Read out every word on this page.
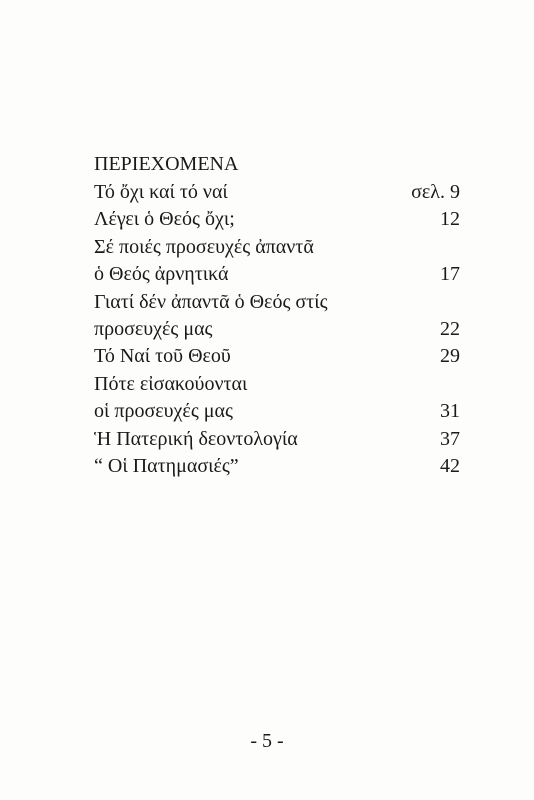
ΠΕΡΙΕΧΟΜΕΝΑ
Τό ὄχι καί τό ναί	σελ. 9
Λέγει ὁ Θεός ὄχι;	12
Σέ ποιές προσευχές ἀπαντᾶ
ὁ Θεός ἀρνητικά	17
Γιατί δέν ἀπαντᾶ ὁ Θεός στίς
προσευχές μας	22
Τό Ναί τοῦ Θεοῦ	29
Πότε εἰσακούονται
οἱ προσευχές μας	31
Ἡ Πατερική δεοντολογία	37
“ Οἱ Πατημασιές”	42
- 5 -
